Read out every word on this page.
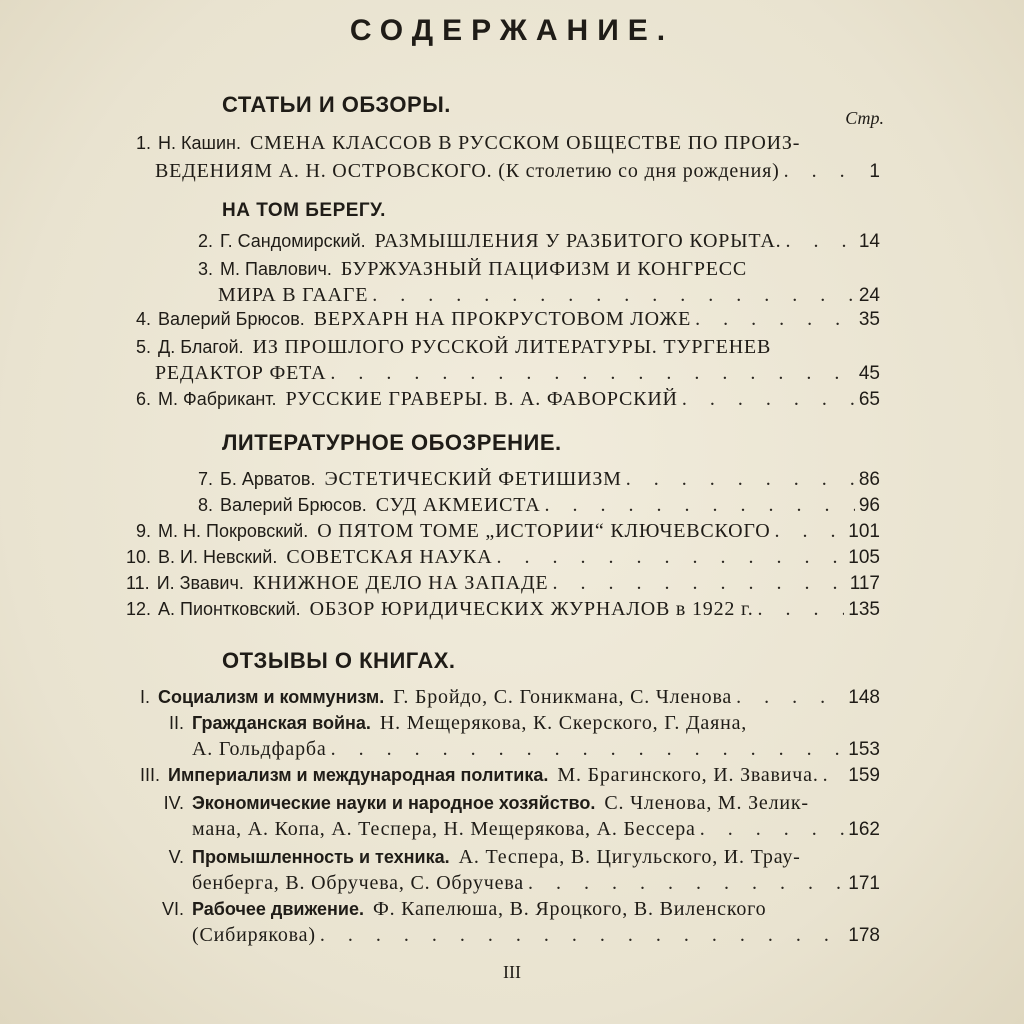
СОДЕРЖАНИЕ.
СТАТЬИ И ОБЗОРЫ.
Стр.
1. Н. Кашин. СМЕНА КЛАССОВ В РУССКОМ ОБЩЕСТВЕ ПО ПРОИЗ-
ВЕДЕНИЯМ А. Н. ОСТРОВСКОГО. (К столетию со дня рождения) . . .	1
НА ТОМ БЕРЕГУ.
2. Г. Сандомирский. РАЗМЫШЛЕНИЯ У РАЗБИТОГО КОРЫТА. . . .	14
3. М. Павлович. БУРЖУАЗНЫЙ ПАЦИФИЗМ И КОНГРЕСС
МИРА В ГААГЕ . . .	24
4. Валерий Брюсов. ВЕРХАРН НА ПРОКРУСТОВОМ ЛОЖЕ . . .	35
5. Д. Благой. ИЗ ПРОШЛОГО РУССКОЙ ЛИТЕРАТУРЫ. ТУРГЕНЕВ
РЕДАКТОР ФЕТА . . .	45
6. М. Фабрикант. РУССКИЕ ГРАВЕРЫ. В. А. ФАВОРСКИЙ . . .	65
ЛИТЕРАТУРНОЕ ОБОЗРЕНИЕ.
7. Б. Арватов. ЭСТЕТИЧЕСКИЙ ФЕТИШИЗМ . . .	86
8. Валерий Брюсов. СУД АКМЕИСТА . . .	96
9. М. Н. Покровский. О ПЯТОМ ТОМЕ „ИСТОРИИ“ КЛЮЧЕВСКОГО . . .	101
10. В. И. Невский. СОВЕТСКАЯ НАУКА . . .	105
11. И. Звавич. КНИЖНОЕ ДЕЛО НА ЗАПАДЕ . . .	117
12. А. Пионтковский. ОБЗОР ЮРИДИЧЕСКИХ ЖУРНАЛОВ в 1922 г. . . .	135
ОТЗЫВЫ О КНИГАХ.
I. Социализм и коммунизм. Г. Бройдо, С. Гоникмана, С. Членова . . .	148
II. Гражданская война. Н. Мещерякова, К. Скерского, Г. Даяна,
А. Гольдфарба . . .	153
III. Империализм и международная политика. М. Брагинского, И. Звавича. . . . 159
IV. Экономические науки и народное хозяйство. С. Членова, М. Зелик-
мана, А. Копа, А. Теспера, Н. Мещерякова, А. Бессера . . .	162
V. Промышленность и техника. А. Теспера, В. Цигульского, И. Трау-
бенберга, В. Обручева, С. Обручева . . .	171
VI. Рабочее движение. Ф. Капелюша, В. Яроцкого, В. Виленского
(Сибирякова) . . .	178
III
